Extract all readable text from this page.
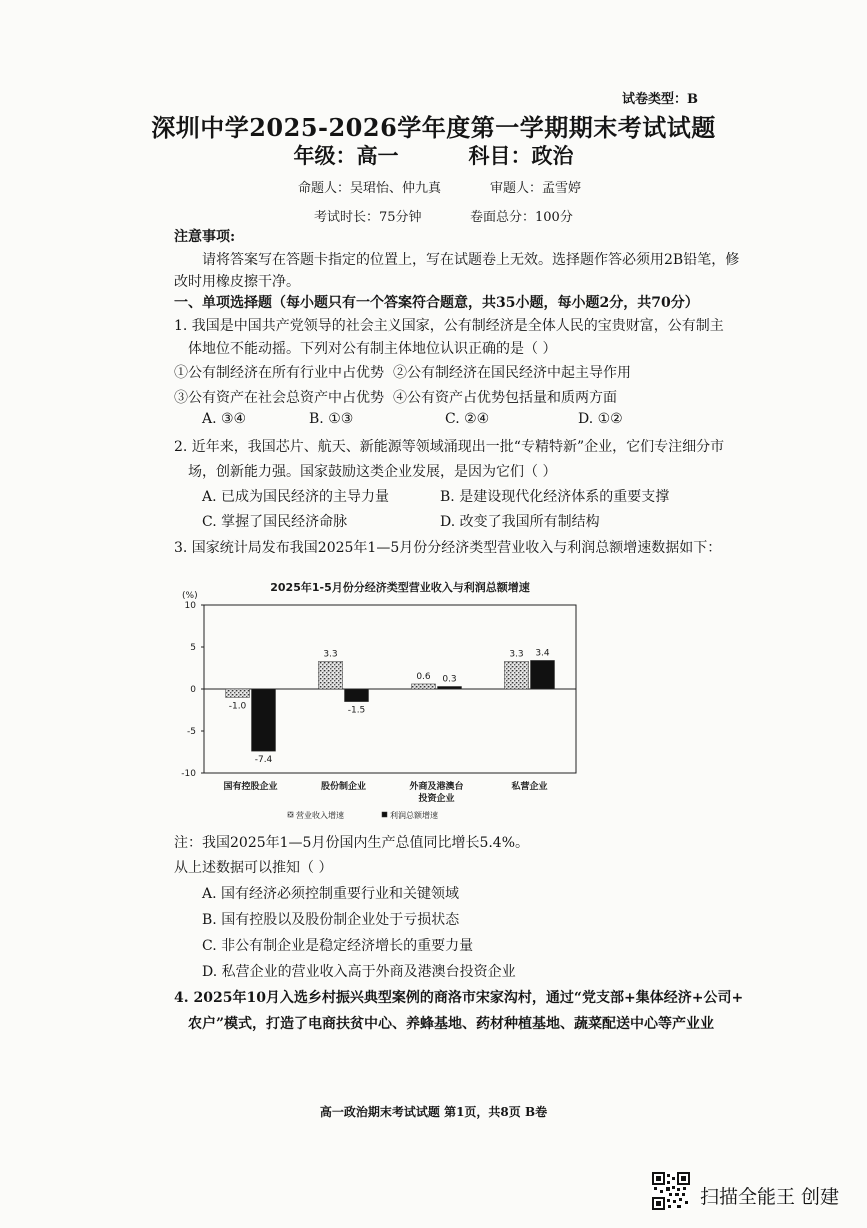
试卷类型：B
深圳中学2025-2026学年度第一学期期末考试试题
年级：高一	科目：政治
命题人：吴珺怡、仲九真	审题人：孟雪婷
考试时长：75分钟	卷面总分：100分
注意事项:
请将答案写在答题卡指定的位置上，写在试题卷上无效。选择题作答必须用2B铅笔，修
改时用橡皮擦干净。
一、单项选择题（每小题只有一个答案符合题意，共35小题，每小题2分，共70分）
1. 我国是中国共产党领导的社会主义国家，公有制经济是全体人民的宝贵财富，公有制主
体地位不能动摇。下列对公有制主体地位认识正确的是（ ）
①公有制经济在所有行业中占优势 ②公有制经济在国民经济中起主导作用
③公有资产在社会总资产中占优势 ④公有资产占优势包括量和质两方面
A. ③④	B. ①③	C. ②④	D. ①②
2. 近年来，我国芯片、航天、新能源等领域涌现出一批“专精特新”企业，它们专注细分市
场，创新能力强。国家鼓励这类企业发展，是因为它们（ ）
A. 已成为国民经济的主导力量	B. 是建设现代化经济体系的重要支撑
C. 掌握了国民经济命脉	D. 改变了我国所有制结构
3. 国家统计局发布我国2025年1—5月份分经济类型营业收入与利润总额增速数据如下：
2025年1-5月份分经济类型营业收入与利润总额增速
(%)
10
5
0
-5
-10
-1.0
-7.4
3.3
-1.5
0.6 0.3
3.3 3.4
国有控股企业	股份制企业	外商及港澳台
投资企业
私营企业
营业收入增速	利润总额增速
注：我国2025年1—5月份国内生产总值同比增长5.4%。
从上述数据可以推知（ ）
A. 国有经济必须控制重要行业和关键领域
B. 国有控股以及股份制企业处于亏损状态
C. 非公有制企业是稳定经济增长的重要力量
D. 私营企业的营业收入高于外商及港澳台投资企业
4. 2025年10月入选乡村振兴典型案例的商洛市宋家沟村，通过“党支部+集体经济+公司+
农户”模式，打造了电商扶贫中心、养蜂基地、药材种植基地、蔬菜配送中心等产业业
高一政治期末考试试题 第1页，共8页 B卷
扫描全能王 创建
